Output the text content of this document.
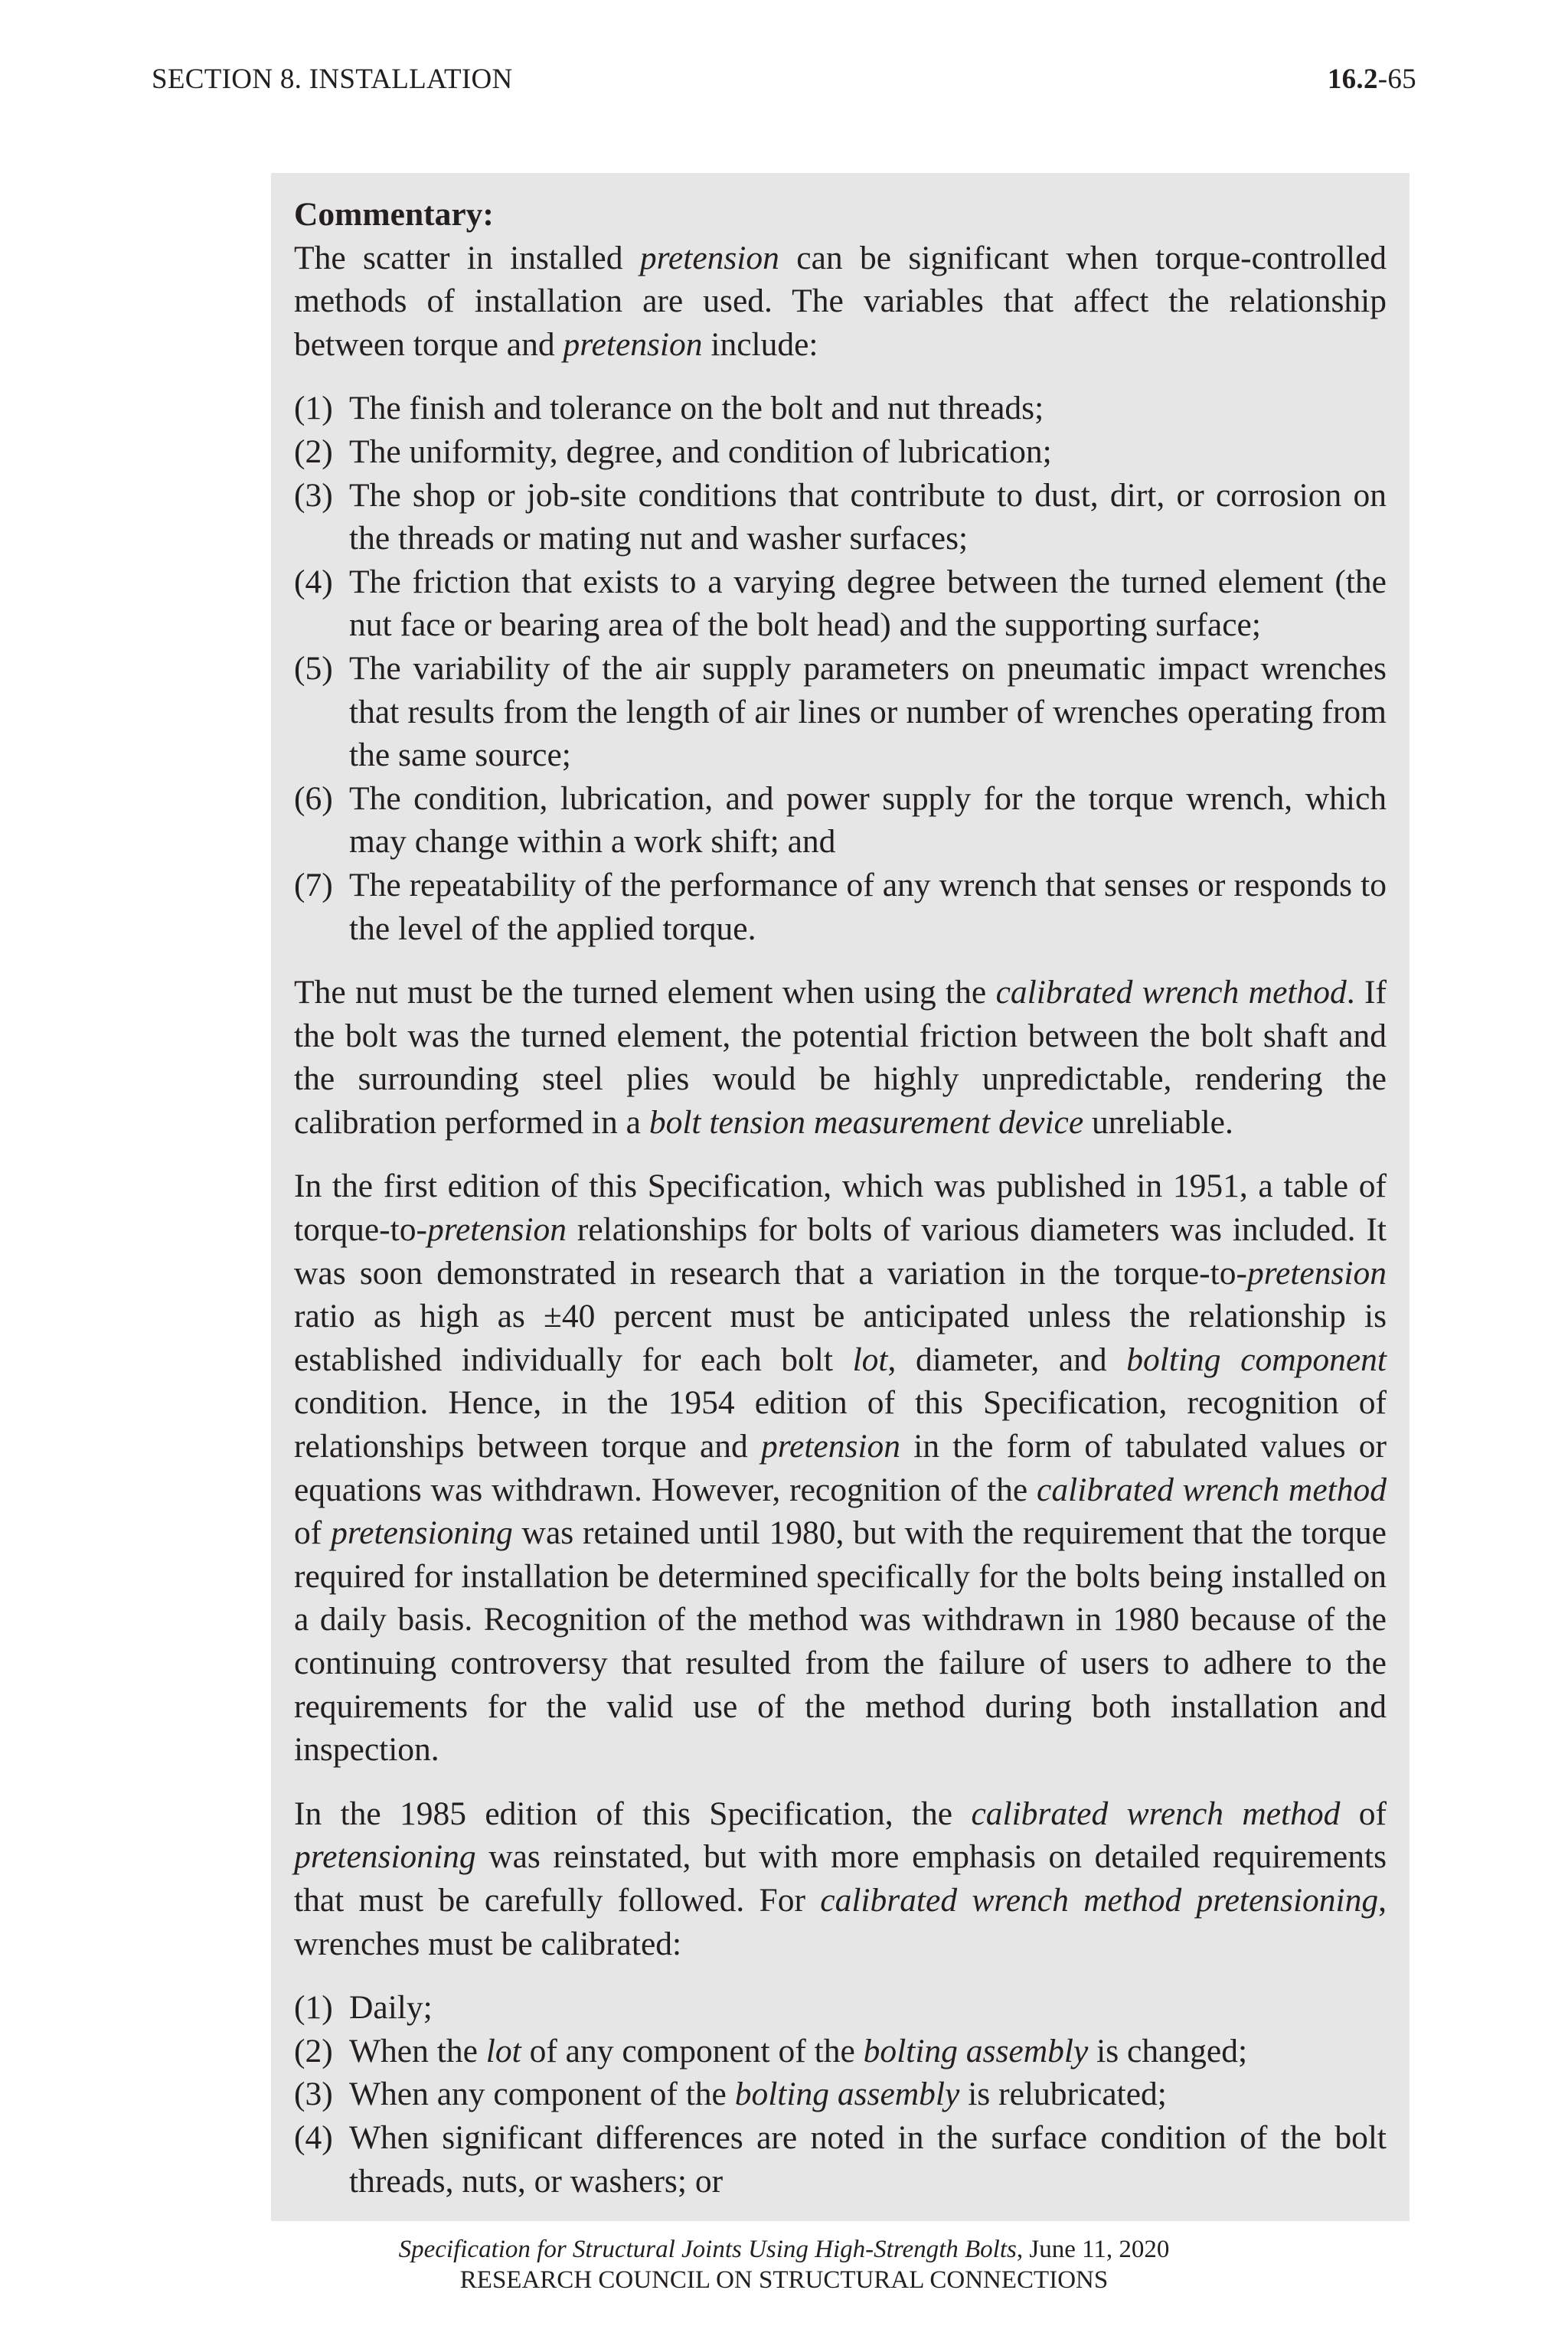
SECTION 8. INSTALLATION	16.2-65
Commentary:

The scatter in installed pretension can be significant when torque-controlled methods of installation are used. The variables that affect the relationship between torque and pretension include:

(1) The finish and tolerance on the bolt and nut threads;
(2) The uniformity, degree, and condition of lubrication;
(3) The shop or job-site conditions that contribute to dust, dirt, or corrosion on the threads or mating nut and washer surfaces;
(4) The friction that exists to a varying degree between the turned element (the nut face or bearing area of the bolt head) and the supporting surface;
(5) The variability of the air supply parameters on pneumatic impact wrenches that results from the length of air lines or number of wrenches operating from the same source;
(6) The condition, lubrication, and power supply for the torque wrench, which may change within a work shift; and
(7) The repeatability of the performance of any wrench that senses or responds to the level of the applied torque.

The nut must be the turned element when using the calibrated wrench method. If the bolt was the turned element, the potential friction between the bolt shaft and the surrounding steel plies would be highly unpredictable, rendering the calibration performed in a bolt tension measurement device unreliable.

In the first edition of this Specification, which was published in 1951, a table of torque-to-pretension relationships for bolts of various diameters was included. It was soon demonstrated in research that a variation in the torque-to-pretension ratio as high as ±40 percent must be anticipated unless the relationship is established individually for each bolt lot, diameter, and bolting component condition. Hence, in the 1954 edition of this Specification, recognition of relationships between torque and pretension in the form of tabulated values or equations was withdrawn. However, recognition of the calibrated wrench method of pretensioning was retained until 1980, but with the requirement that the torque required for installation be determined specifically for the bolts being installed on a daily basis. Recognition of the method was withdrawn in 1980 because of the continuing controversy that resulted from the failure of users to adhere to the requirements for the valid use of the method during both installation and inspection.

In the 1985 edition of this Specification, the calibrated wrench method of pretensioning was reinstated, but with more emphasis on detailed requirements that must be carefully followed. For calibrated wrench method pretensioning, wrenches must be calibrated:

(1) Daily;
(2) When the lot of any component of the bolting assembly is changed;
(3) When any component of the bolting assembly is relubricated;
(4) When significant differences are noted in the surface condition of the bolt threads, nuts, or washers; or
Specification for Structural Joints Using High-Strength Bolts, June 11, 2020
RESEARCH COUNCIL ON STRUCTURAL CONNECTIONS
